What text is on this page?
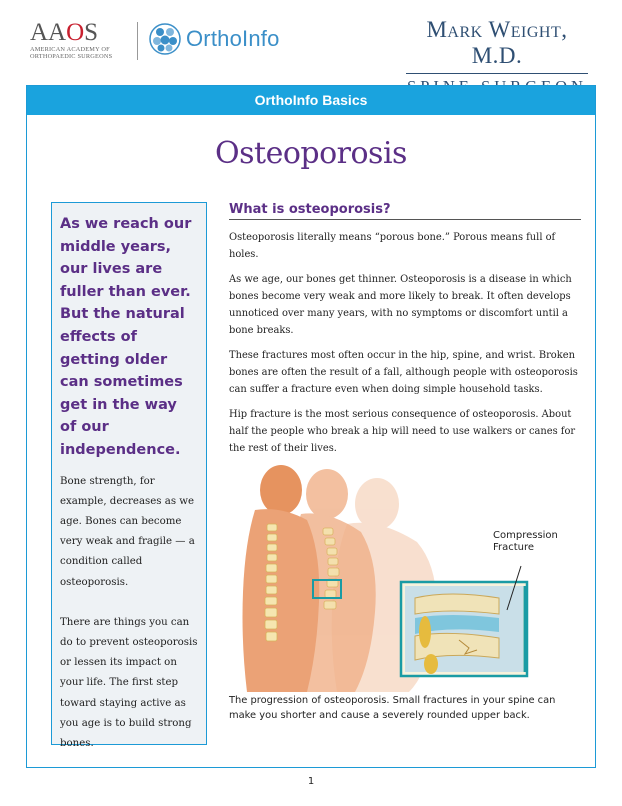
AAOS
AMERICAN ACADEMY OF
ORTHOPAEDIC SURGEONS
OrthoInfo	Mark Weight, M.D.
OrthoInfo Basics
Osteoporosis
As we reach our middle years, our lives are fuller than ever. But the natural effects of getting older can sometimes get in the way of our independence.
Bone strength, for example, decreases as we age. Bones can become very weak and fragile — a condition called osteoporosis.
There are things you can do to prevent osteoporosis or lessen its impact on your life. The first step toward staying active as you age is to build strong bones.
What is osteoporosis?

Osteoporosis literally means “porous bone.” Porous means full of holes.

As we age, our bones get thinner. Osteoporosis is a disease in which bones become very weak and more likely to break. It often develops unnoticed over many years, with no symptoms or discomfort until a bone breaks.

These fractures most often occur in the hip, spine, and wrist. Broken bones are often the result of a fall, although people with osteoporosis can suffer a fracture even when doing simple household tasks.

Hip fracture is the most serious consequence of osteoporosis. About half the people who break a hip will need to use walkers or canes for the rest of their lives.

Compression
Fracture
The progression of osteoporosis. Small fractures in your spine can make you shorter and cause a severely rounded upper back.
1
